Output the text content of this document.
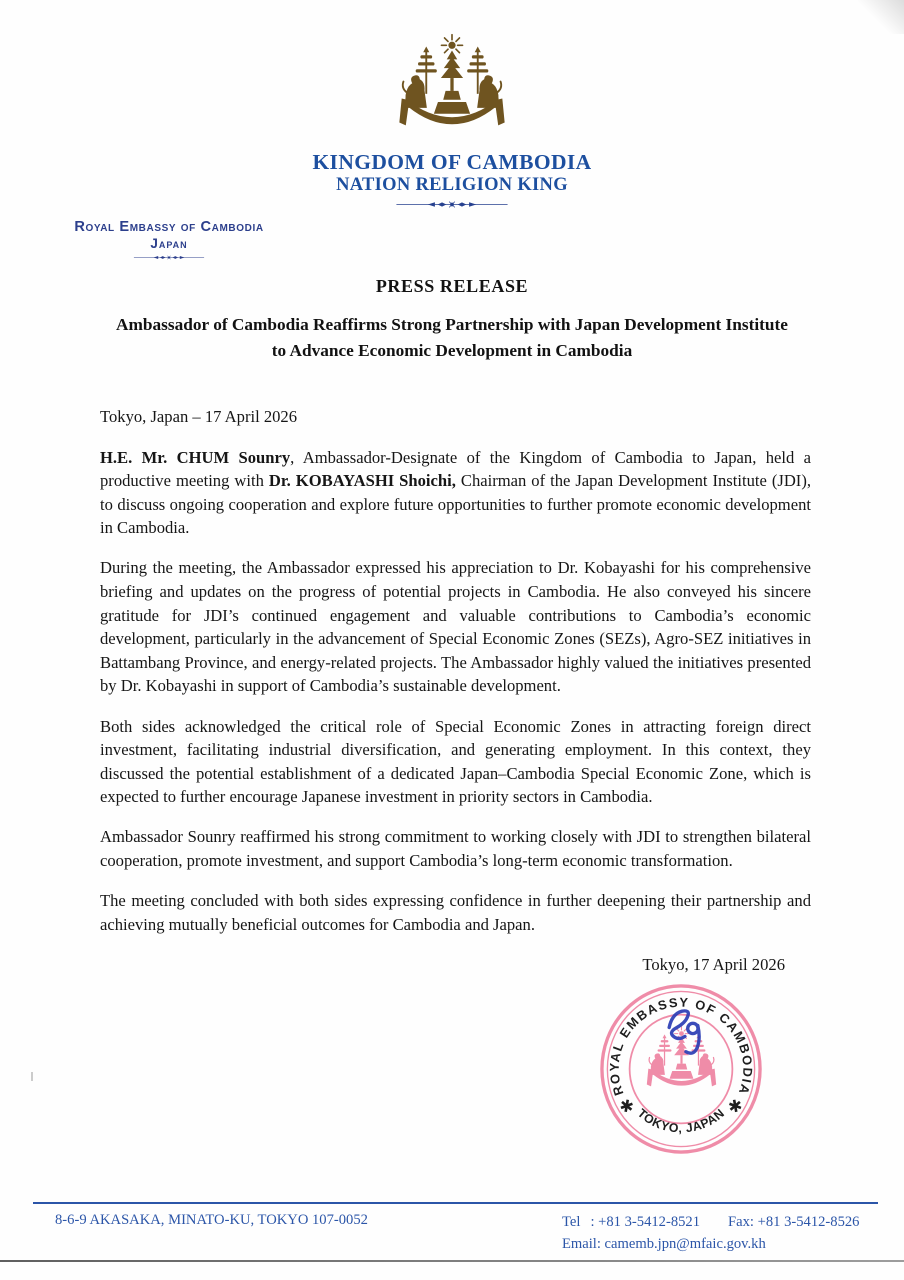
KINGDOM OF CAMBODIA
NATION RELIGION KING
Royal Embassy of Cambodia
Japan
PRESS RELEASE
Ambassador of Cambodia Reaffirms Strong Partnership with Japan Development Institute
to Advance Economic Development in Cambodia

Tokyo, Japan – 17 April 2026

H.E. Mr. CHUM Sounry, Ambassador-Designate of the Kingdom of Cambodia to Japan, held a productive meeting with Dr. KOBAYASHI Shoichi, Chairman of the Japan Development Institute (JDI), to discuss ongoing cooperation and explore future opportunities to further promote economic development in Cambodia.

During the meeting, the Ambassador expressed his appreciation to Dr. Kobayashi for his comprehensive briefing and updates on the progress of potential projects in Cambodia. He also conveyed his sincere gratitude for JDI’s continued engagement and valuable contributions to Cambodia’s economic development, particularly in the advancement of Special Economic Zones (SEZs), Agro-SEZ initiatives in Battambang Province, and energy-related projects. The Ambassador highly valued the initiatives presented by Dr. Kobayashi in support of Cambodia’s sustainable development.

Both sides acknowledged the critical role of Special Economic Zones in attracting foreign direct investment, facilitating industrial diversification, and generating employment. In this context, they discussed the potential establishment of a dedicated Japan–Cambodia Special Economic Zone, which is expected to further encourage Japanese investment in priority sectors in Cambodia.

Ambassador Sounry reaffirmed his strong commitment to working closely with JDI to strengthen bilateral cooperation, promote investment, and support Cambodia’s long-term economic transformation.

The meeting concluded with both sides expressing confidence in further deepening their partnership and achieving mutually beneficial outcomes for Cambodia and Japan.

Tokyo, 17 April 2026

ROYAL EMBASSY OF CAMBODIA
TOKYO, JAPAN
✱	✱
8-6-9 AKASAKA, MINATO-KU, TOKYO 107-0052	Tel : +81 3-5412-8521 Fax: +81 3-5412-8526
Email: camemb.jpn@mfaic.gov.kh
